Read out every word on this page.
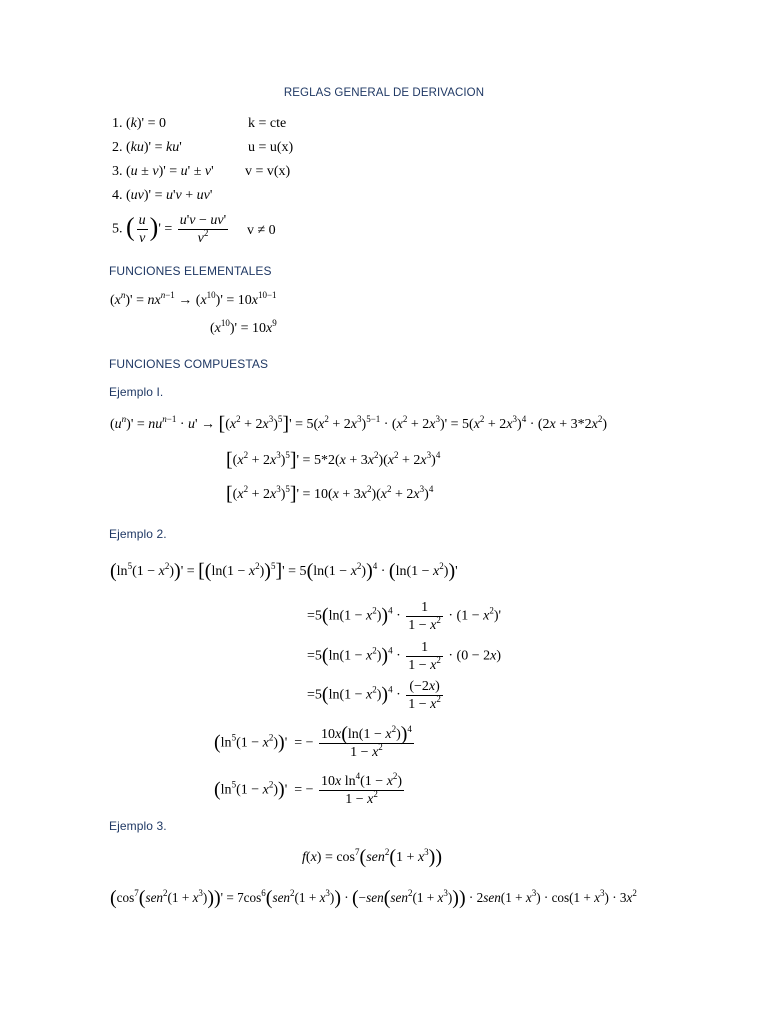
REGLAS GENERAL DE DERIVACION
1. (k)' = 0	k = cte
2. (ku)' = ku'	u = u(x)
3. (u ± v)' = u' ± v' v = v(x)
4. (uv)' = u'v + uv'
5. ( $\frac{u}{v}$ )' = $\frac{u'v - uv'}{v^2}$ v ≠ 0
FUNCIONES ELEMENTALES
$(x^n)' = nx^{n-1} \to (x^{10})' = 10x^{10-1}$
$(x^{10})' = 10x^9$
FUNCIONES COMPUESTAS
Ejemplo I.
$(u^n)' = nu^{n-1} \cdot u' \to [(x^2 + 2x^3)^5]' = 5(x^2 + 2x^3)^{5-1} \cdot (x^2 + 2x^3)' = 5(x^2 + 2x^3)^4 \cdot (2x + 3*2x^2)$
$[(x^2 + 2x^3)^5]' = 5*2(x + 3x^2)(x^2 + 2x^3)^4$
$[(x^2 + 2x^3)^5]' = 10(x + 3x^2)(x^2 + 2x^3)^4$
Ejemplo 2.
$(\ln^5(1 - x^2))' = [(\ln(1 - x^2))^5]' = 5(\ln(1 - x^2))^4 \cdot (\ln(1 - x^2))'$
$=5(\ln(1 - x^2))^4 \cdot \frac{1}{1 - x^2} \cdot (1 - x^2)'$
$=5(\ln(1 - x^2))^4 \cdot \frac{1}{1 - x^2} \cdot (0 - 2x)$
$=5(\ln(1 - x^2))^4 \cdot \frac{(-2x)}{1 - x^2}$
$(\ln^5(1 - x^2))'$  = − $\frac{10x(\ln(1 - x^2))^4}{1 - x^2}$
$(\ln^5(1 - x^2))'$  = − $\frac{10x \ln^4(1 - x^2)}{1 - x^2}$
Ejemplo 3.
$f(x) = \cos^7(sen^2(1 + x^3))$
$(\cos^7(sen^2(1 + x^3)))' = 7\cos^6(sen^2(1 + x^3)) \cdot (-sen(sen^2(1 + x^3))) \cdot 2sen(1 + x^3) \cdot \cos(1 + x^3) \cdot 3x^2$
